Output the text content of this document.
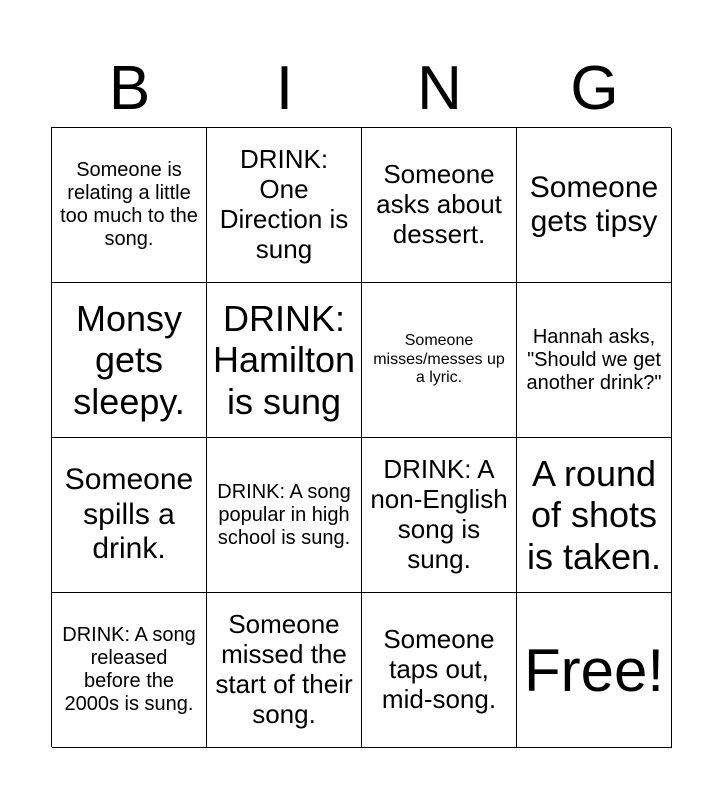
B	I	N	G
Someone is relating a little too much to the song.
DRINK: One Direction is sung
Someone asks about dessert.
Someone gets tipsy
Monsy gets sleepy.
DRINK: Hamilton is sung
Someone misses/messes up a lyric.
Hannah asks, "Should we get another drink?"
Someone spills a drink.
DRINK: A song popular in high school is sung.
DRINK: A non-English song is sung.
A round of shots is taken.
DRINK: A song released before the 2000s is sung.
Someone missed the start of their song.
Someone taps out, mid-song. Free!
